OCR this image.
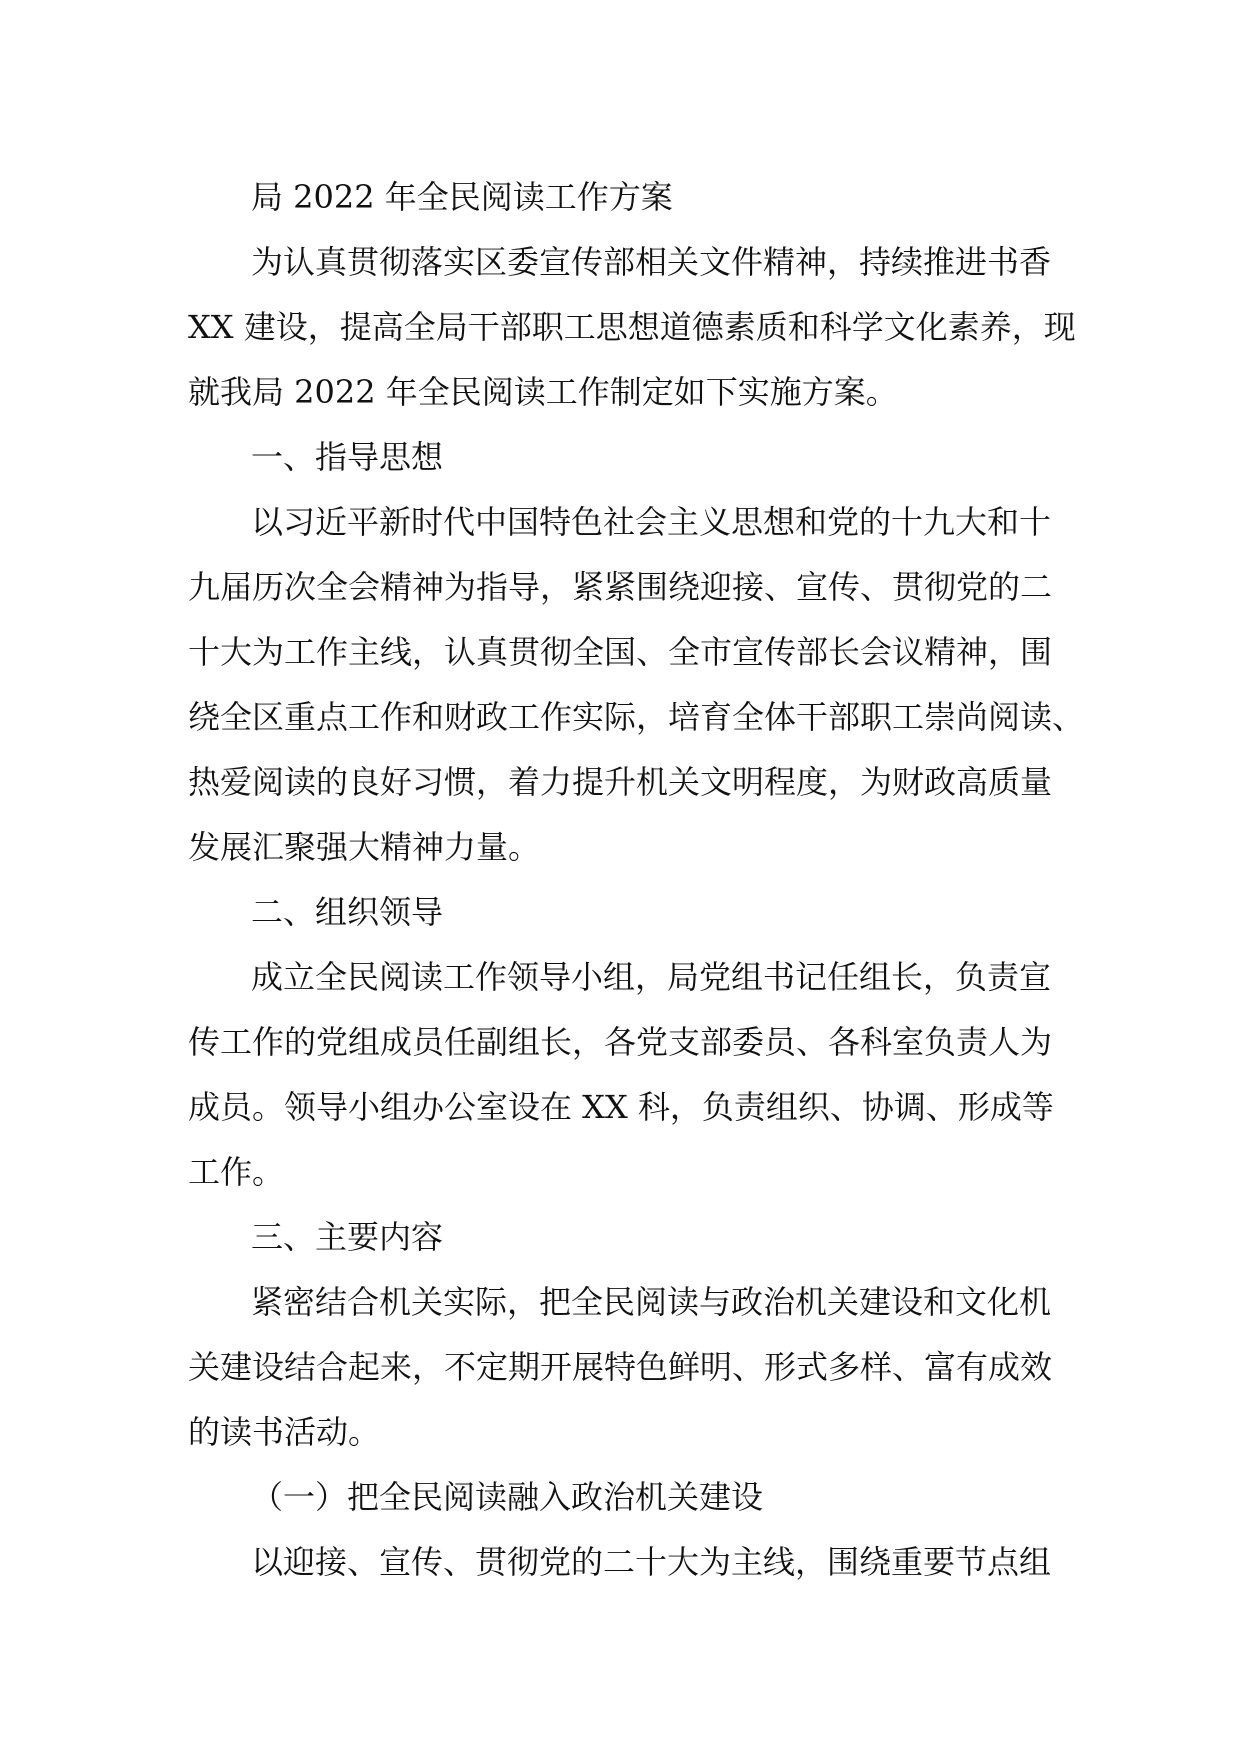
局 2022 年全民阅读工作方案
为认真贯彻落实区委宣传部相关文件精神，持续推进书香
XX 建设，提高全局干部职工思想道德素质和科学文化素养，现
就我局 2022 年全民阅读工作制定如下实施方案。
一、指导思想
以习近平新时代中国特色社会主义思想和党的十九大和十
九届历次全会精神为指导，紧紧围绕迎接、宣传、贯彻党的二
十大为工作主线，认真贯彻全国、全市宣传部长会议精神，围
绕全区重点工作和财政工作实际，培育全体干部职工崇尚阅读、
热爱阅读的良好习惯，着力提升机关文明程度，为财政高质量
发展汇聚强大精神力量。
二、组织领导
成立全民阅读工作领导小组，局党组书记任组长，负责宣
传工作的党组成员任副组长，各党支部委员、各科室负责人为
成员。领导小组办公室设在 XX 科，负责组织、协调、形成等
工作。
三、主要内容
紧密结合机关实际，把全民阅读与政治机关建设和文化机
关建设结合起来，不定期开展特色鲜明、形式多样、富有成效
的读书活动。
（一）把全民阅读融入政治机关建设
以迎接、宣传、贯彻党的二十大为主线，围绕重要节点组
